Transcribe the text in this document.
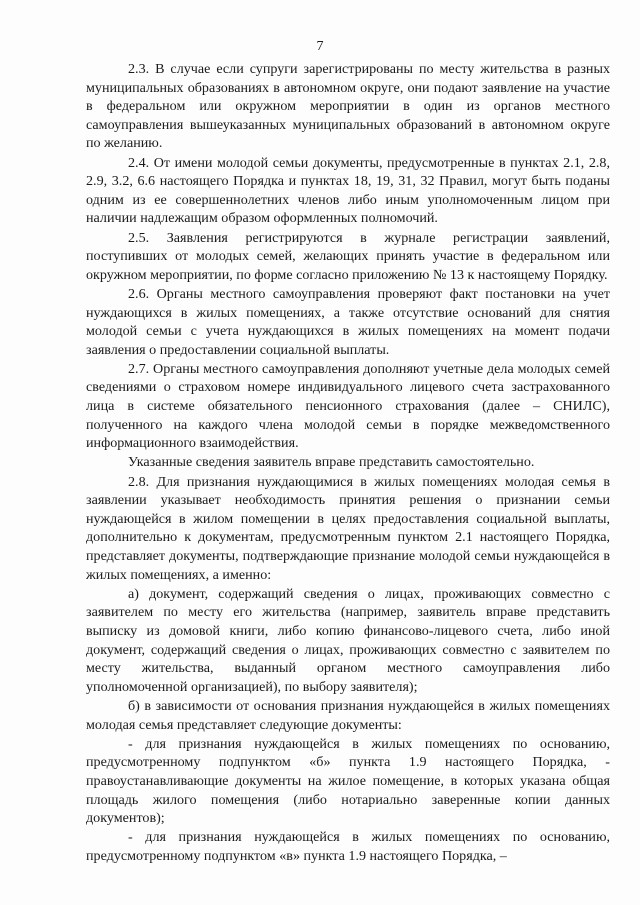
7

2.3. В случае если супруги зарегистрированы по месту жительства в разных муниципальных образованиях в автономном округе, они подают заявление на участие в федеральном или окружном мероприятии в один из органов местного самоуправления вышеуказанных муниципальных образований в автономном округе по желанию.

2.4. От имени молодой семьи документы, предусмотренные в пунктах 2.1, 2.8, 2.9, 3.2, 6.6 настоящего Порядка и пунктах 18, 19, 31, 32 Правил, могут быть поданы одним из ее совершеннолетних членов либо иным уполномоченным лицом при наличии надлежащим образом оформленных полномочий.

2.5. Заявления регистрируются в журнале регистрации заявлений, поступивших от молодых семей, желающих принять участие в федеральном или окружном мероприятии, по форме согласно приложению № 13 к настоящему Порядку.

2.6. Органы местного самоуправления проверяют факт постановки на учет нуждающихся в жилых помещениях, а также отсутствие оснований для снятия молодой семьи с учета нуждающихся в жилых помещениях на момент подачи заявления о предоставлении социальной выплаты.

2.7. Органы местного самоуправления дополняют учетные дела молодых семей сведениями о страховом номере индивидуального лицевого счета застрахованного лица в системе обязательного пенсионного страхования (далее – СНИЛС), полученного на каждого члена молодой семьи в порядке межведомственного информационного взаимодействия.

Указанные сведения заявитель вправе представить самостоятельно.

2.8. Для признания нуждающимися в жилых помещениях молодая семья в заявлении указывает необходимость принятия решения о признании семьи нуждающейся в жилом помещении в целях предоставления социальной выплаты, дополнительно к документам, предусмотренным пунктом 2.1 настоящего Порядка, представляет документы, подтверждающие признание молодой семьи нуждающейся в жилых помещениях, а именно:

а) документ, содержащий сведения о лицах, проживающих совместно с заявителем по месту его жительства (например, заявитель вправе представить выписку из домовой книги, либо копию финансово-лицевого счета, либо иной документ, содержащий сведения о лицах, проживающих совместно с заявителем по месту жительства, выданный органом местного самоуправления либо уполномоченной организацией), по выбору заявителя);

б) в зависимости от основания признания нуждающейся в жилых помещениях молодая семья представляет следующие документы:

- для признания нуждающейся в жилых помещениях по основанию, предусмотренному подпунктом «б» пункта 1.9 настоящего Порядка, - правоустанавливающие документы на жилое помещение, в которых указана общая площадь жилого помещения (либо нотариально заверенные копии данных документов);

- для признания нуждающейся в жилых помещениях по основанию, предусмотренному подпунктом «в» пункта 1.9 настоящего Порядка, –
